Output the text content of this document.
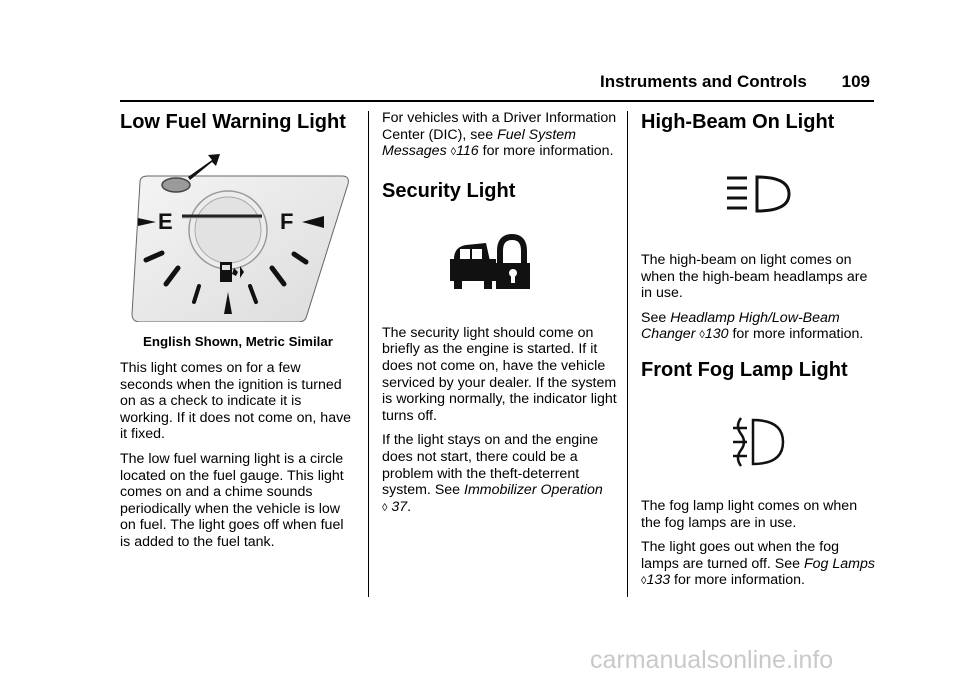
Instruments and Controls 109
Low Fuel Warning Light
E	F
English Shown, Metric Similar

This light comes on for a few seconds when the ignition is turned on as a check to indicate it is working. If it does not come on, have it fixed.

The low fuel warning light is a circle located on the fuel gauge. This light comes on and a chime sounds periodically when the vehicle is low on fuel. The light goes off when fuel is added to the fuel tank.

For vehicles with a Driver Information Center (DIC), see Fuel System Messages ◊116 for more information.

Security Light

The security light should come on briefly as the engine is started. If it does not come on, have the vehicle serviced by your dealer. If the system is working normally, the indicator light turns off.

If the light stays on and the engine does not start, there could be a problem with the theft-deterrent system. See Immobilizer Operation
◊ 37.

High-Beam On Light

The high-beam on light comes on when the high-beam headlamps are in use.

See Headlamp High/Low-Beam Changer ◊130 for more information.

Front Fog Lamp Light

The fog lamp light comes on when the fog lamps are in use.

The light goes out when the fog lamps are turned off. See Fog Lamps ◊133 for more information.

carmanualsonline.info
